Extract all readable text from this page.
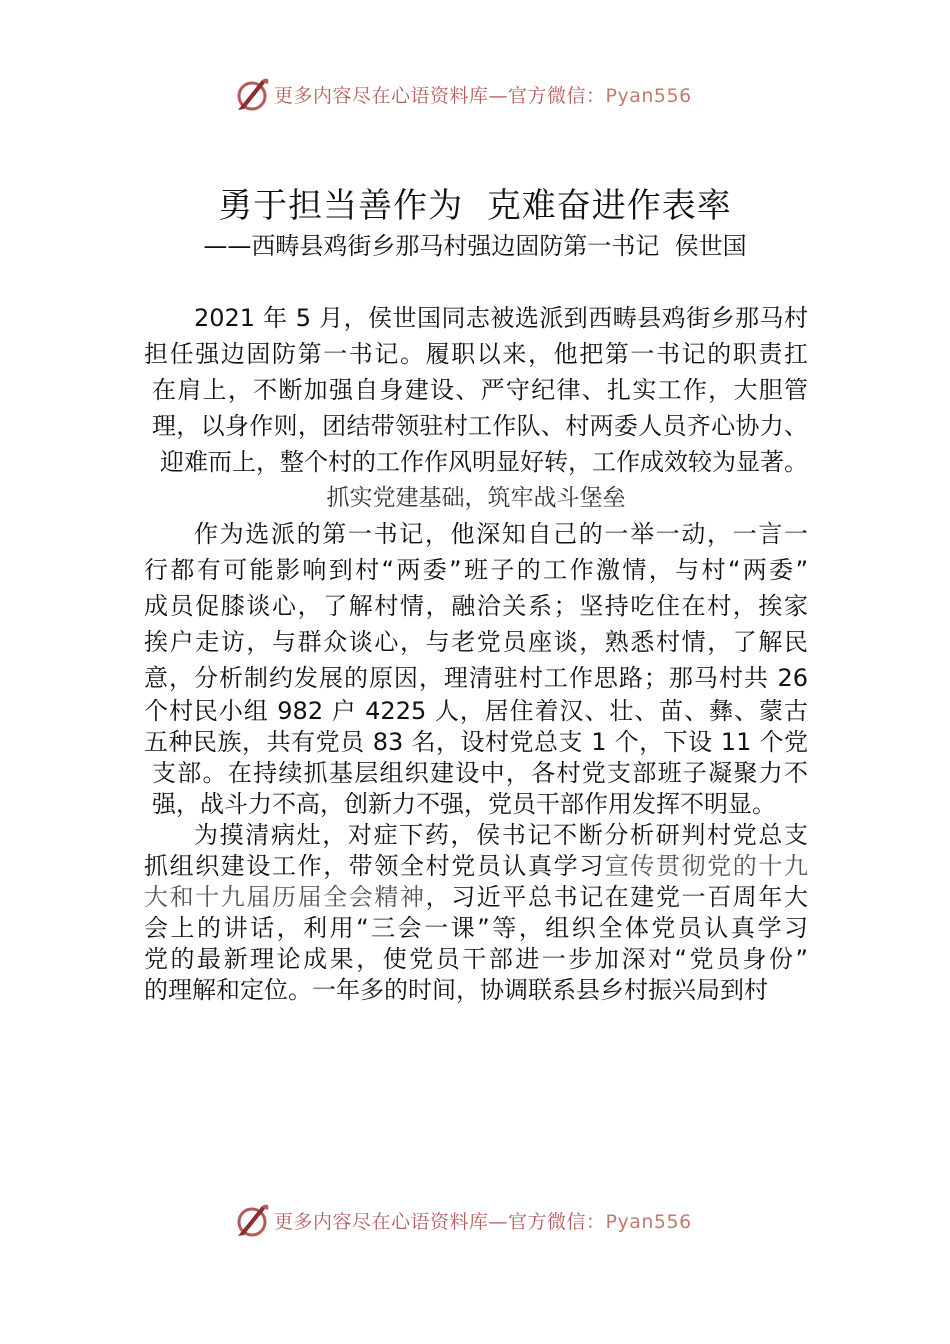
更多内容尽在心语资料库—官方微信：Pyan556
勇于担当善作为  克难奋进作表率
——西畴县鸡街乡那马村强边固防第一书记  侯世国
2021 年 5 月，侯世国同志被选派到西畴县鸡街乡那马村
担任强边固防第一书记。履职以来，他把第一书记的职责扛
在肩上，不断加强自身建设、严守纪律、扎实工作，大胆管
理，以身作则，团结带领驻村工作队、村两委人员齐心协力、
迎难而上，整个村的工作作风明显好转，工作成效较为显著。
抓实党建基础，筑牢战斗堡垒
作为选派的第一书记，他深知自己的一举一动，一言一
行都有可能影响到村“两委”班子的工作激情，与村“两委”
成员促膝谈心，了解村情，融洽关系；坚持吃住在村，挨家
挨户走访，与群众谈心，与老党员座谈，熟悉村情，了解民
意，分析制约发展的原因，理清驻村工作思路；那马村共 26
个村民小组 982 户 4225 人，居住着汉、壮、苗、彝、蒙古
五种民族，共有党员 83 名，设村党总支 1 个，下设 11 个党
支部。在持续抓基层组织建设中，各村党支部班子凝聚力不
强，战斗力不高，创新力不强，党员干部作用发挥不明显。
为摸清病灶，对症下药，侯书记不断分析研判村党总支
抓组织建设工作，带领全村党员认真学习宣传贯彻党的十九
大和十九届历届全会精神，习近平总书记在建党一百周年大
会上的讲话，利用“三会一课”等，组织全体党员认真学习
党的最新理论成果，使党员干部进一步加深对“党员身份”
的理解和定位。一年多的时间，协调联系县乡村振兴局到村
更多内容尽在心语资料库—官方微信：Pyan556
